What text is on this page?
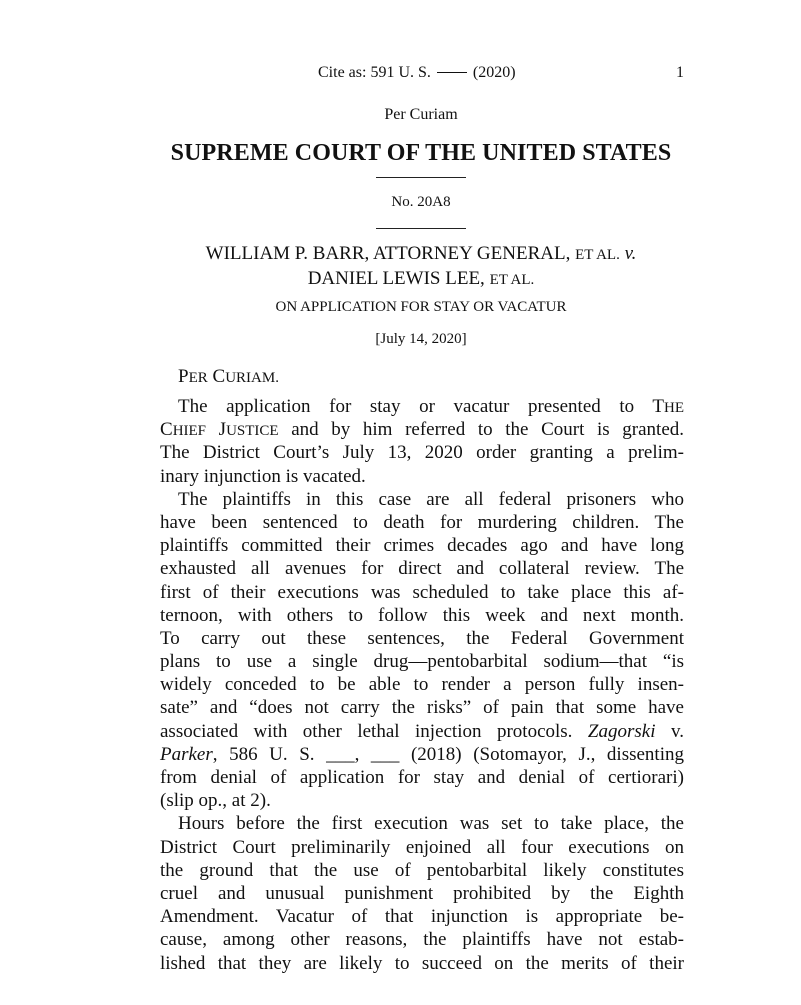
Cite as: 591 U. S.	(2020)	1
Per Curiam
SUPREME COURT OF THE UNITED STATES
No. 20A8
WILLIAM P. BARR, ATTORNEY GENERAL, ET AL. v.
DANIEL LEWIS LEE, ET AL.
ON APPLICATION FOR STAY OR VACATUR
[July 14, 2020]
PER CURIAM.
The application for stay or vacatur presented to THE
CHIEF JUSTICE and by him referred to the Court is granted.
The District Court’s July 13, 2020 order granting a prelim-
inary injunction is vacated.
The plaintiffs in this case are all federal prisoners who
have been sentenced to death for murdering children. The
plaintiffs committed their crimes decades ago and have long
exhausted all avenues for direct and collateral review. The
first of their executions was scheduled to take place this af-
ternoon, with others to follow this week and next month.
To carry out these sentences, the Federal Government
plans to use a single drug—pentobarbital sodium—that “is
widely conceded to be able to render a person fully insen-
sate” and “does not carry the risks” of pain that some have
associated with other lethal injection protocols. Zagorski v.
Parker, 586 U. S. ___, ___ (2018) (Sotomayor, J., dissenting
from denial of application for stay and denial of certiorari)
(slip op., at 2).
Hours before the first execution was set to take place, the
District Court preliminarily enjoined all four executions on
the ground that the use of pentobarbital likely constitutes
cruel and unusual punishment prohibited by the Eighth
Amendment. Vacatur of that injunction is appropriate be-
cause, among other reasons, the plaintiffs have not estab-
lished that they are likely to succeed on the merits of their
